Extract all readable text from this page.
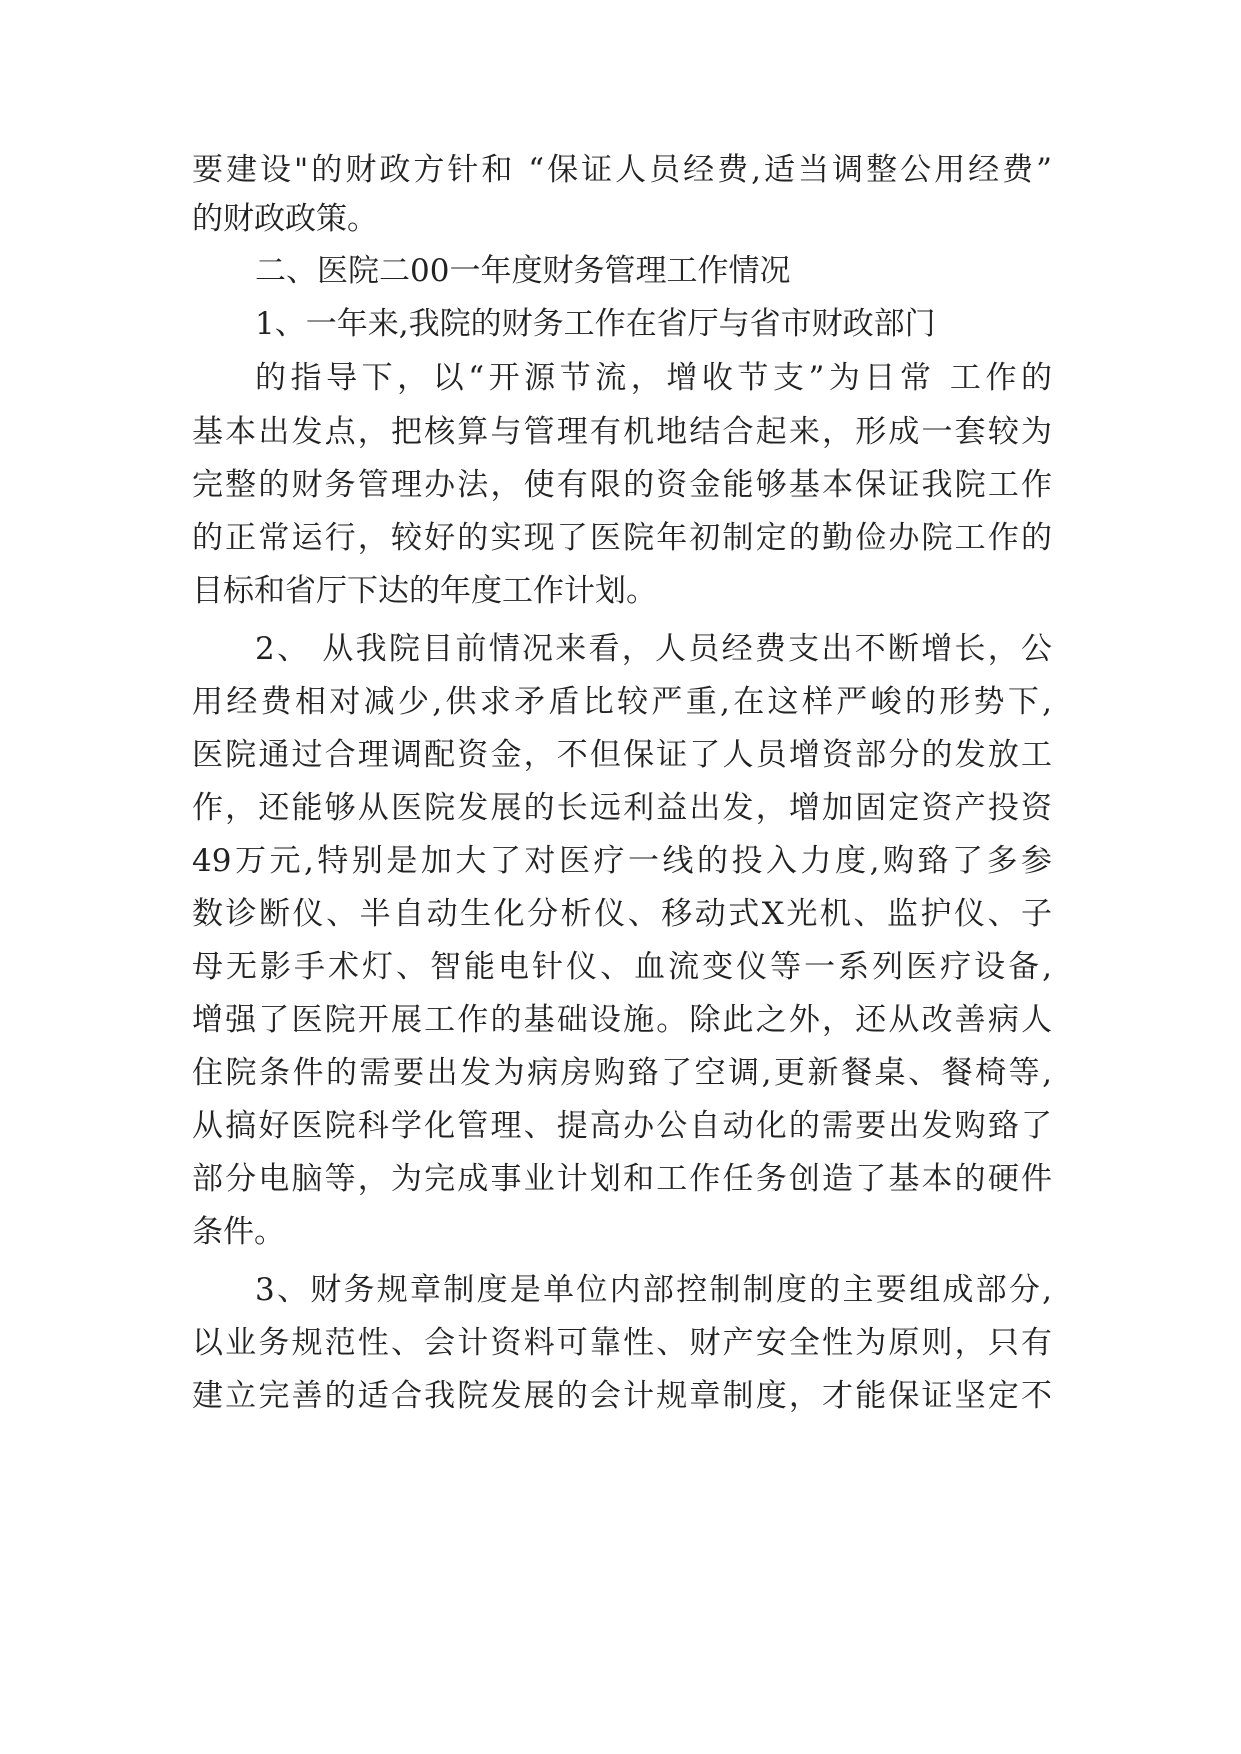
要建设"的财政方针和 “保证人员经费,适当调整公用经费”
的财政政策。
二、医院二00一年度财务管理工作情况
1、一年来,我院的财务工作在省厅与省市财政部门
的指导下，以“开源节流，增收节支”为日常 工作的
基本出发点，把核算与管理有机地结合起来，形成一套较为
完整的财务管理办法，使有限的资金能够基本保证我院工作
的正常运行，较好的实现了医院年初制定的勤俭办院工作的
目标和省厅下达的年度工作计划。
2、 从我院目前情况来看，人员经费支出不断增长，公
用经费相对减少,供求矛盾比较严重,在这样严峻的形势下,
医院通过合理调配资金，不但保证了人员增资部分的发放工
作，还能够从医院发展的长远利益出发，增加固定资产投资
49万元,特别是加大了对医疗一线的投入力度,购臵了多参
数诊断仪、半自动生化分析仪、移动式X光机、监护仪、子
母无影手术灯、智能电针仪、血流变仪等一系列医疗设备,
增强了医院开展工作的基础设施。除此之外，还从改善病人
住院条件的需要出发为病房购臵了空调,更新餐桌、餐椅等,
从搞好医院科学化管理、提高办公自动化的需要出发购臵了
部分电脑等，为完成事业计划和工作任务创造了基本的硬件
条件。
3、财务规章制度是单位内部控制制度的主要组成部分,
以业务规范性、会计资料可靠性、财产安全性为原则，只有
建立完善的适合我院发展的会计规章制度，才能保证坚定不
